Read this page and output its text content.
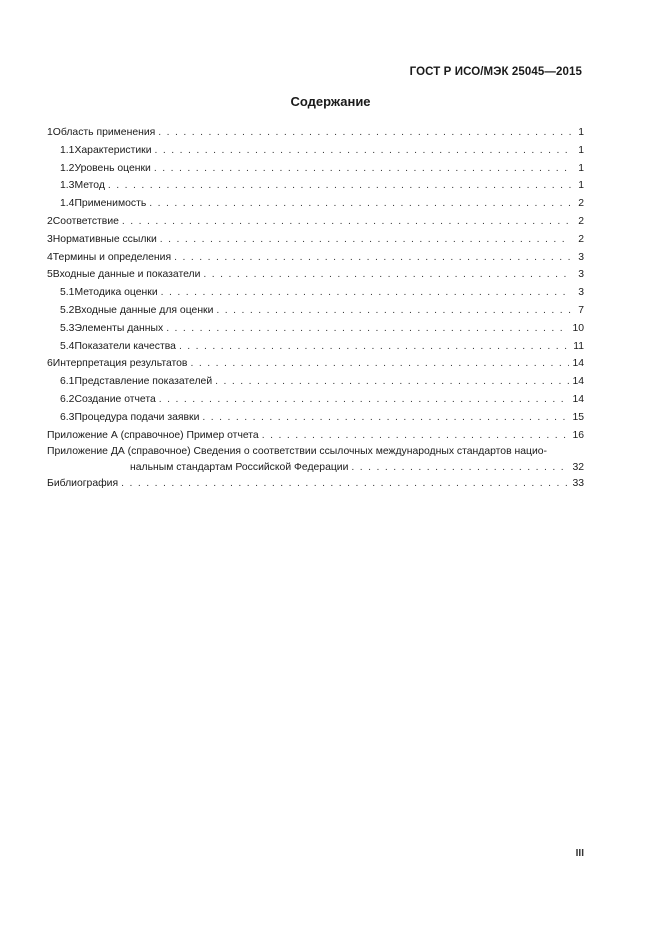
ГОСТ Р ИСО/МЭК 25045—2015
Содержание
1 Область применения . . .	1
1.1 Характеристики . . .	1
1.2 Уровень оценки . . .	1
1.3 Метод . . .	1
1.4 Применимость . . .	2
2 Соответствие . . .	2
3 Нормативные ссылки . . .	2
4 Термины и определения . . .	3
5 Входные данные и показатели . . .	3
5.1 Методика оценки . . .	3
5.2 Входные данные для оценки . . .	7
5.3 Элементы данных . . .	10
5.4 Показатели качества . . .	11
6 Интерпретация результатов . . .	14
6.1 Представление показателей . . .	14
6.2 Создание отчета . . .	14
6.3 Процедура подачи заявки . . .	15
Приложение А (справочное) Пример отчета . . .	16
Приложение ДА (справочное) Сведения о соответствии ссылочных международных стандартов нацио-
нальным стандартам Российской Федерации . . .	32
Библиография . . .	33
III
